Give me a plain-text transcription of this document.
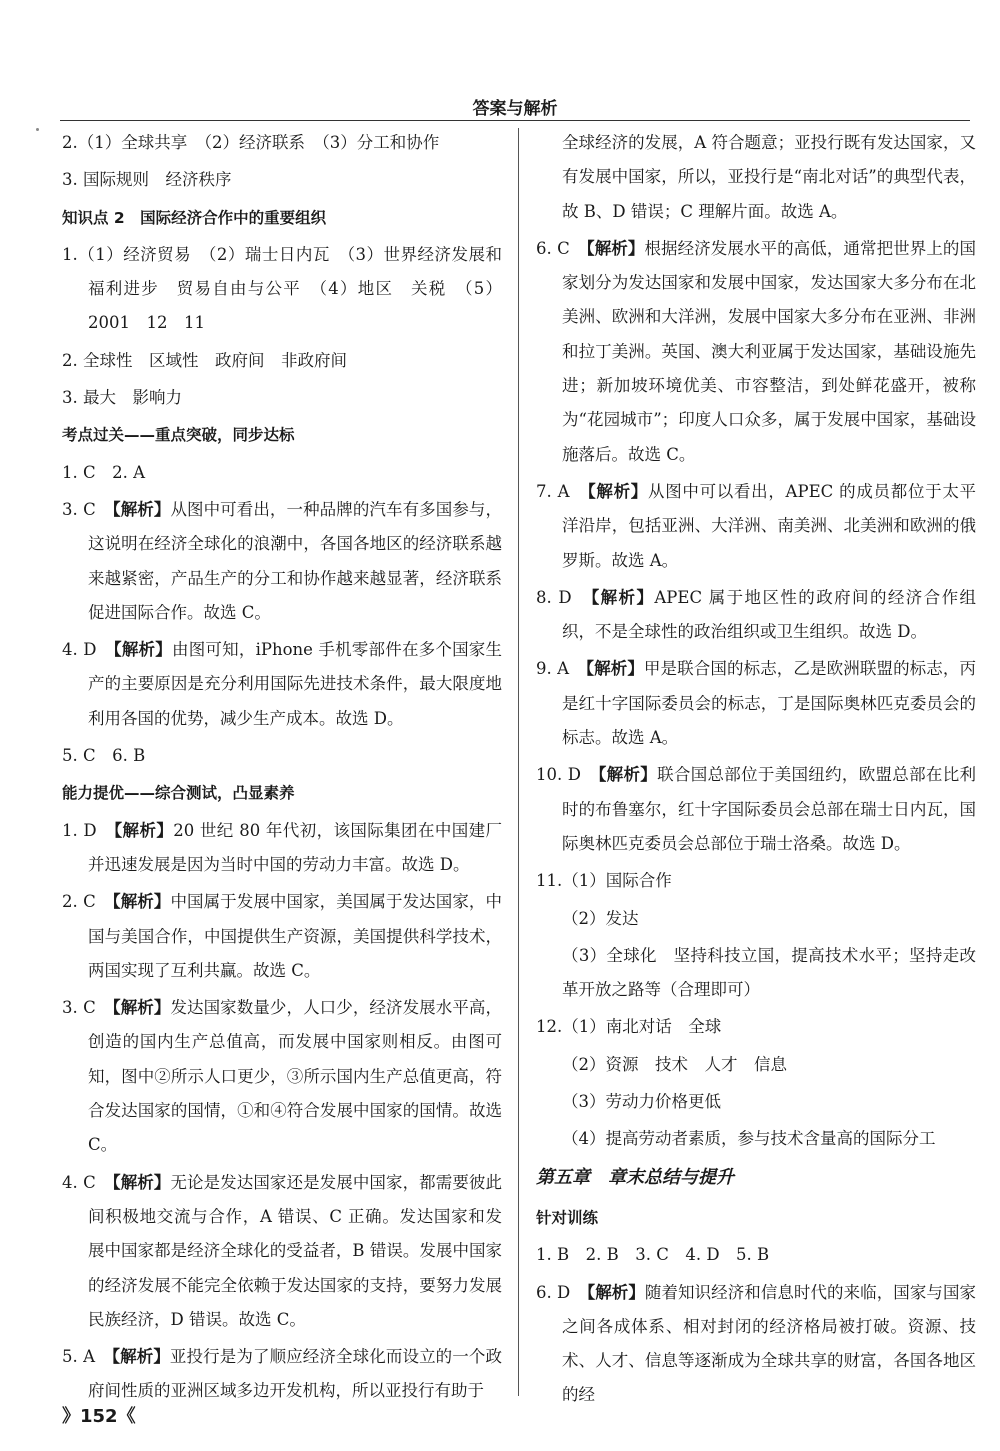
答案与解析
2.（1）全球共享　（2）经济联系　（3）分工和协作
3. 国际规则　经济秩序
知识点 2　国际经济合作中的重要组织
1.（1）经济贸易　（2）瑞士日内瓦　（3）世界经济发展和福利进步　贸易自由与公平　（4）地区　关税　（5）2001　12　11
2. 全球性　区域性　政府间　非政府间
3. 最大　影响力
考点过关——重点突破，同步达标
1. C　2. A
3. C　【解析】从图中可看出，一种品牌的汽车有多国参与，这说明在经济全球化的浪潮中，各国各地区的经济联系越来越紧密，产品生产的分工和协作越来越显著，经济联系促进国际合作。故选 C。
4. D　【解析】由图可知，iPhone 手机零部件在多个国家生产的主要原因是充分利用国际先进技术条件，最大限度地利用各国的优势，减少生产成本。故选 D。
5. C　6. B
能力提优——综合测试，凸显素养
1. D　【解析】20 世纪 80 年代初，该国际集团在中国建厂并迅速发展是因为当时中国的劳动力丰富。故选 D。
2. C　【解析】中国属于发展中国家，美国属于发达国家，中国与美国合作，中国提供生产资源，美国提供科学技术，两国实现了互利共赢。故选 C。
3. C　【解析】发达国家数量少，人口少，经济发展水平高，创造的国内生产总值高，而发展中国家则相反。由图可知，图中②所示人口更少，③所示国内生产总值更高，符合发达国家的国情，①和④符合发展中国家的国情。故选 C。
4. C　【解析】无论是发达国家还是发展中国家，都需要彼此间积极地交流与合作，A 错误、C 正确。发达国家和发展中国家都是经济全球化的受益者，B 错误。发展中国家的经济发展不能完全依赖于发达国家的支持，要努力发展民族经济，D 错误。故选 C。
5. A　【解析】亚投行是为了顺应经济全球化而设立的一个政府间性质的亚洲区域多边开发机构，所以亚投行有助于
全球经济的发展，A 符合题意；亚投行既有发达国家，又有发展中国家，所以，亚投行是“南北对话”的典型代表，故 B、D 错误；C 理解片面。故选 A。
6. C　【解析】根据经济发展水平的高低，通常把世界上的国家划分为发达国家和发展中国家，发达国家大多分布在北美洲、欧洲和大洋洲，发展中国家大多分布在亚洲、非洲和拉丁美洲。英国、澳大利亚属于发达国家，基础设施先进；新加坡环境优美、市容整洁，到处鲜花盛开，被称为“花园城市”；印度人口众多，属于发展中国家，基础设施落后。故选 C。
7. A　【解析】从图中可以看出，APEC 的成员都位于太平洋沿岸，包括亚洲、大洋洲、南美洲、北美洲和欧洲的俄罗斯。故选 A。
8. D　【解析】APEC 属于地区性的政府间的经济合作组织，不是全球性的政治组织或卫生组织。故选 D。
9. A　【解析】甲是联合国的标志，乙是欧洲联盟的标志，丙是红十字国际委员会的标志，丁是国际奥林匹克委员会的标志。故选 A。
10. D　【解析】联合国总部位于美国纽约，欧盟总部在比利时的布鲁塞尔，红十字国际委员会总部在瑞士日内瓦，国际奥林匹克委员会总部位于瑞士洛桑。故选 D。
11.（1）国际合作
（2）发达
（3）全球化　坚持科技立国，提高技术水平；坚持走改革开放之路等（合理即可）
12.（1）南北对话　全球
（2）资源　技术　人才　信息
（3）劳动力价格更低
（4）提高劳动者素质，参与技术含量高的国际分工
第五章　章末总结与提升
针对训练
1. B　2. B　3. C　4. D　5. B
6. D　【解析】随着知识经济和信息时代的来临，国家与国家之间各成体系、相对封闭的经济格局被打破。资源、技术、人才、信息等逐渐成为全球共享的财富，各国各地区的经
》152《
